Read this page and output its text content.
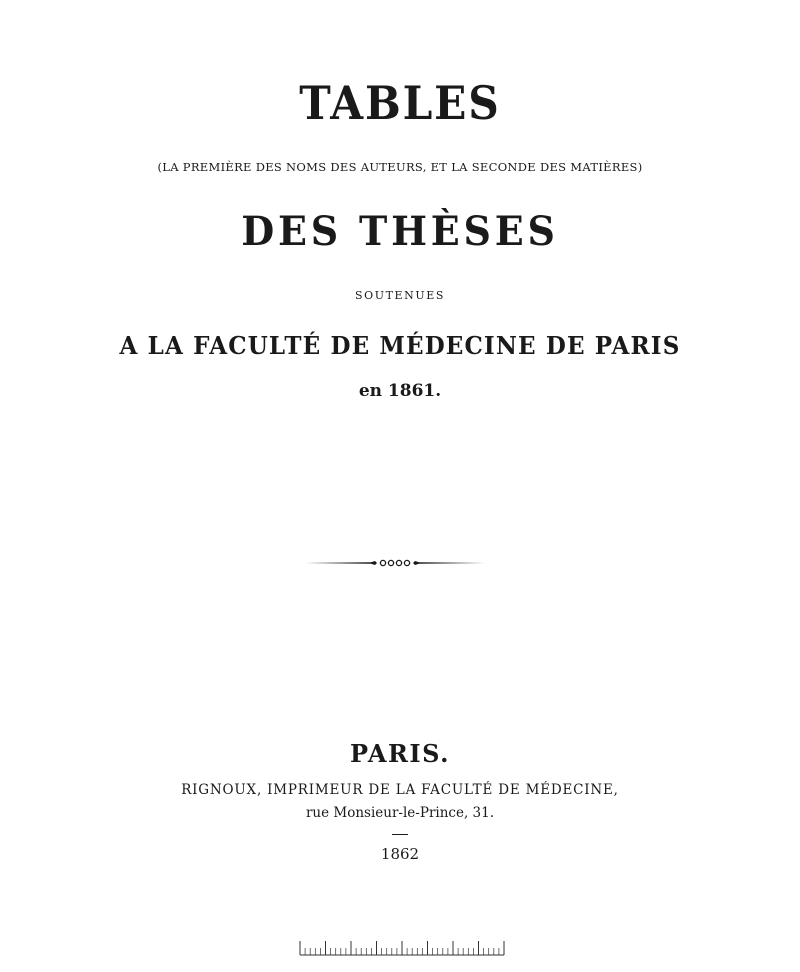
TABLES
(LA PREMIÈRE DES NOMS DES AUTEURS, ET LA SECONDE DES MATIÈRES)
DES THÈSES
SOUTENUES
A LA FACULTÉ DE MÉDECINE DE PARIS
en 1861.
PARIS.
RIGNOUX, IMPRIMEUR DE LA FACULTÉ DE MÉDECINE,
rue Monsieur-le-Prince, 31.
1862
